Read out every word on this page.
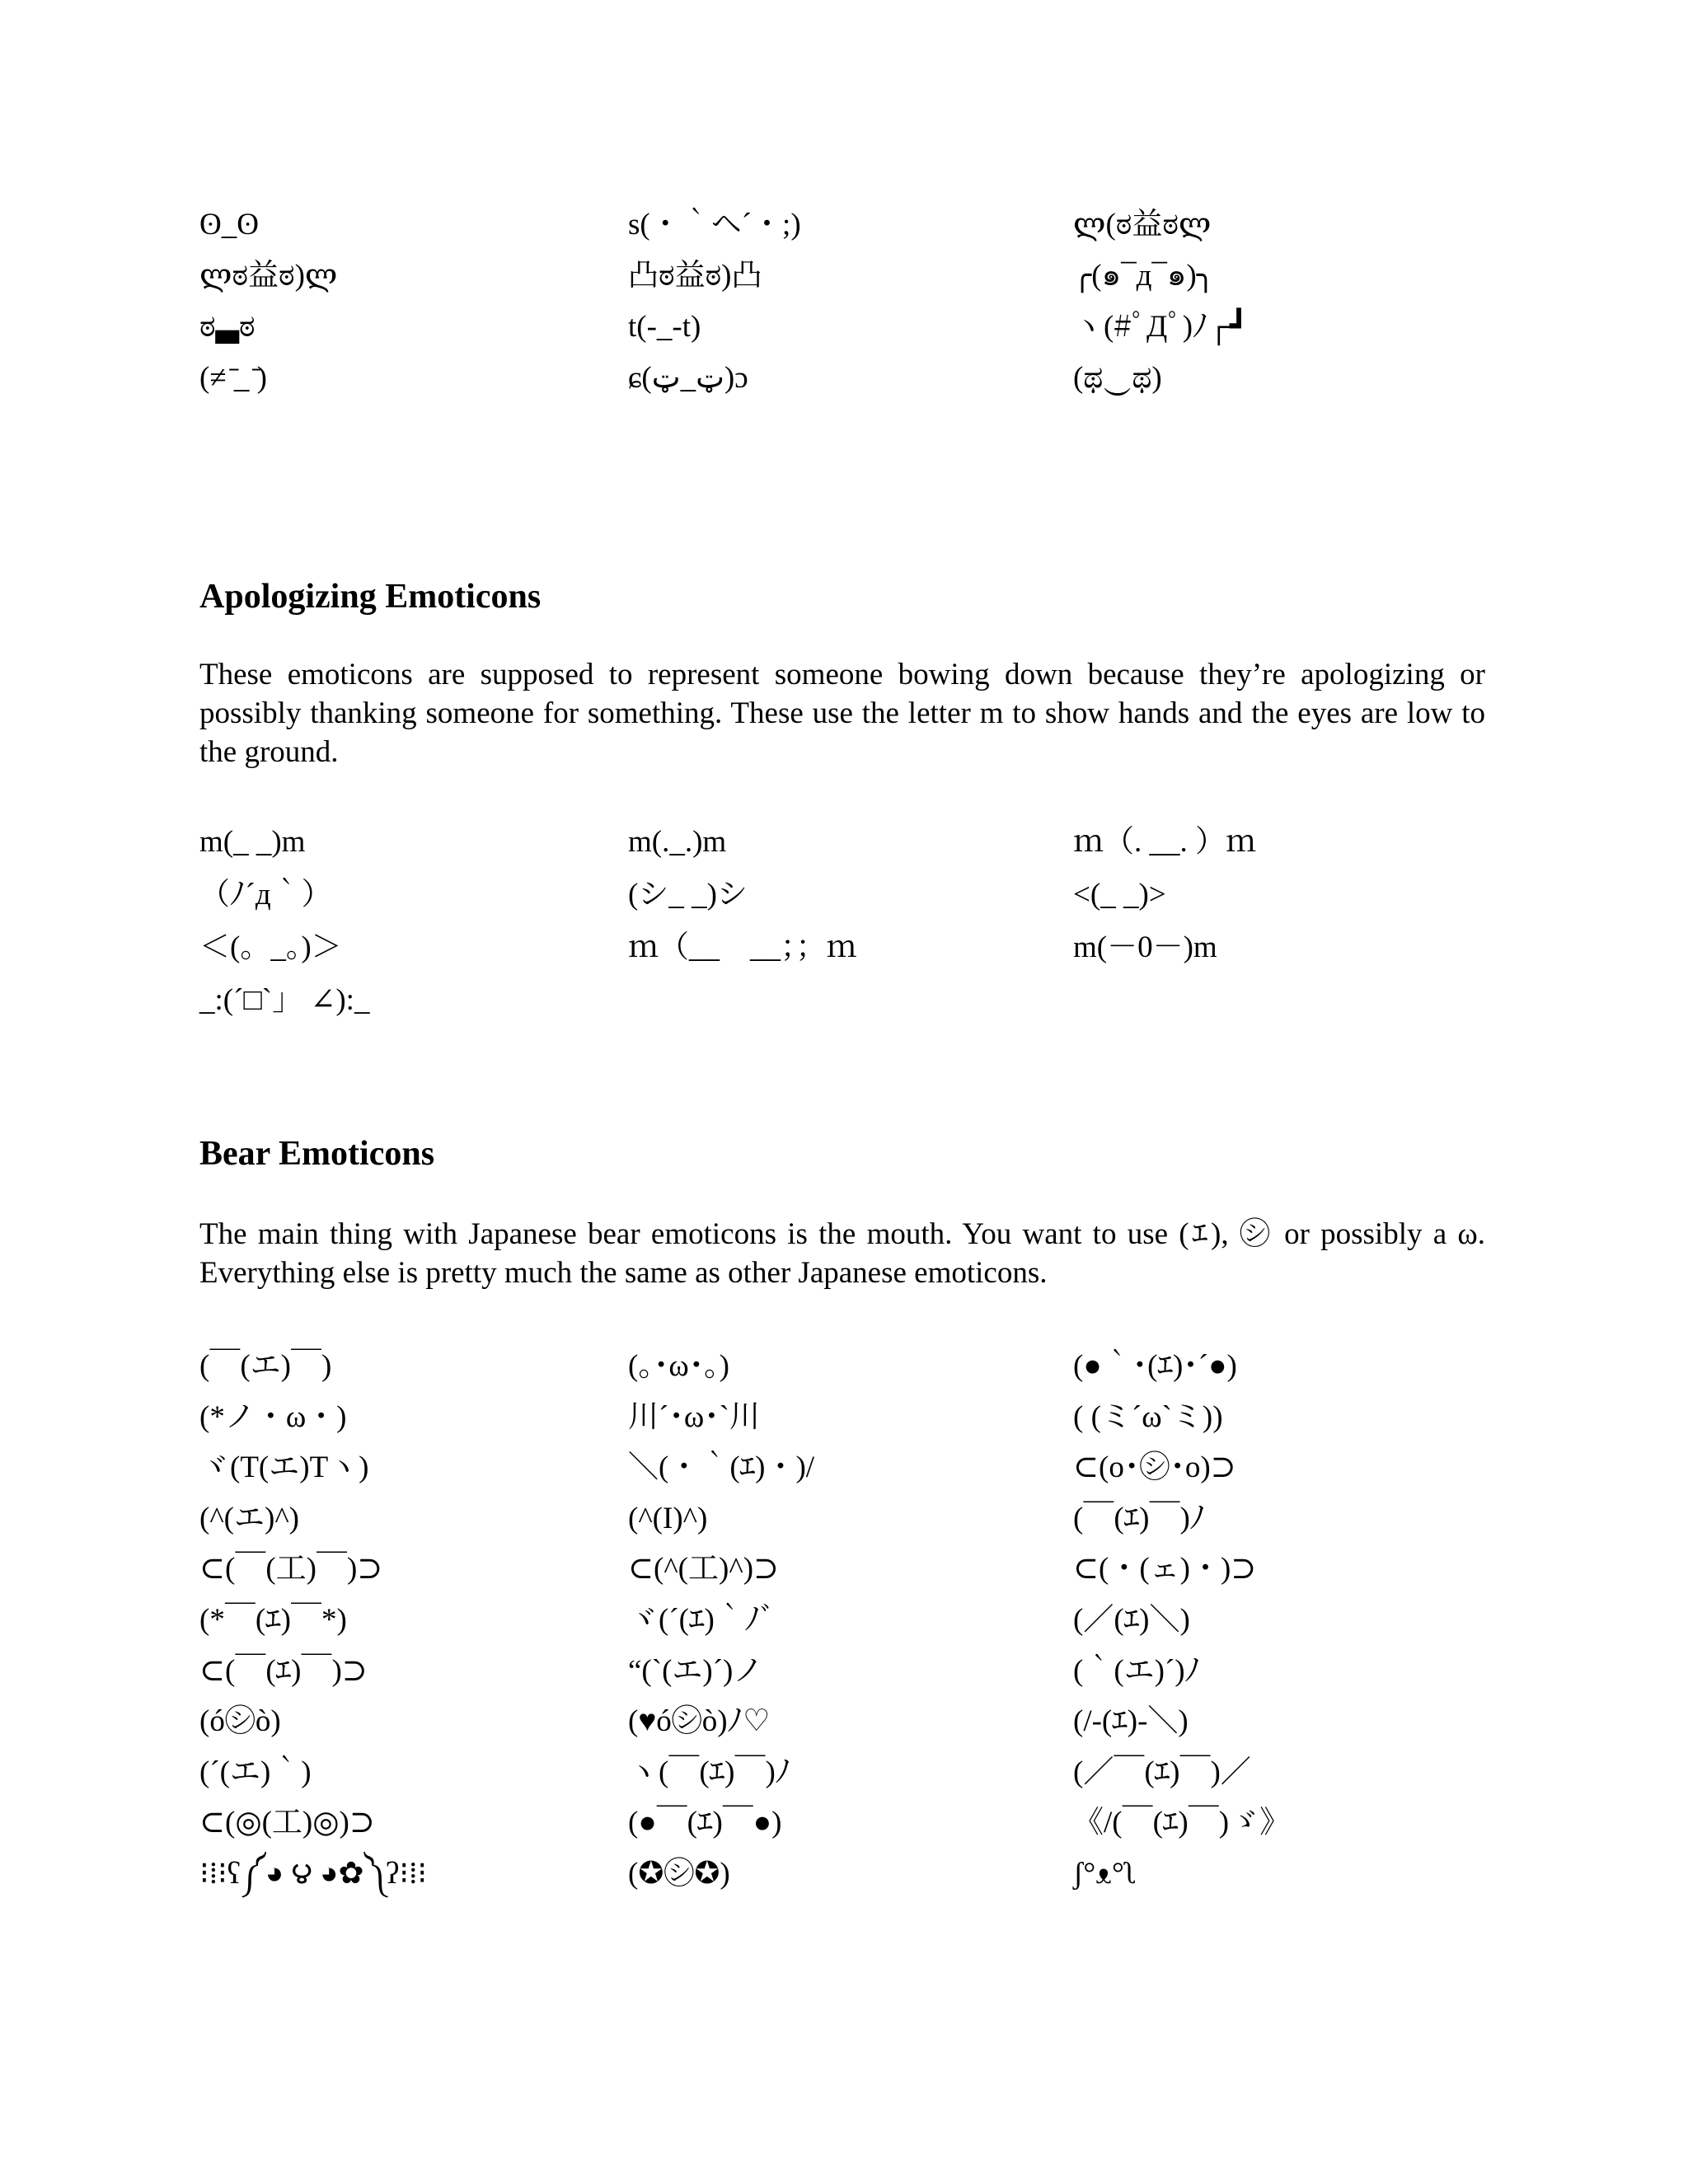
ʘ_ʘ	s(・｀ヘ´・;)	ლ(ಠ益ಠლ
ლಠ益ಠ)ლ	凸ಠ益ಠ)凸	╭(๑¯д¯๑)╮
ಠ▃ಠ	t(-_-t)	ヽ(#ﾟДﾟ)ﾉ┌┛
(≠ ̄_ ̄)	ɕ(ټ_ټ)ɔ	(ಥ‿ಥ)
Apologizing Emoticons
These emoticons are supposed to represent someone bowing down because they’re apologizing or possibly thanking someone for something. These use the letter m to show hands and the eyes are low to the ground.
m(_ _)m	m(._.)m	ｍ（. __. ）ｍ
（ﾉ´д｀）	(シ_ _)シ	<(_ _)>
＜(。_。)＞	ｍ（__　__；；ｍ	m(－0－)m
_:(´□`」 ∠):_
Bear Emoticons
The main thing with Japanese bear emoticons is the mouth. You want to use (ｴ), ㋛ or possibly a ω. Everything else is pretty much the same as other Japanese emoticons.
(￣(エ)￣)	(｡･ω･｡)	(●｀･(ｴ)･´●)
(*ノ・ω・)	川´･ω･`川	( (ミ´ω`ミ))
ヾ(T(エ)Tヽ)	＼(・｀(ｴ)・)/	⊂(o･㋛･o)⊃
(^(エ)^)	(^(I)^)	(￣(ｴ)￣)ﾉ
⊂(￣(工)￣)⊃	⊂(^(工)^)⊃	⊂(・(ェ)・)⊃
(*￣(ｴ)￣*)	ヾ(´(ｴ)｀ﾉﾞ	(／(ｴ)＼)
⊂(￣(ｴ)￣)⊃	“(`(エ)´)ノ	(｀(エ)´)ﾉ
(ó㋛ò)	(♥ó㋛ò)ﾉ♡	(/-(ｴ)-＼)
(´(エ)｀)	ヽ(￣(ｴ)￣)ﾉ	(／￣(ｴ)￣)／
⊂(◎(工)◎)⊃	(●￣(ｴ)￣●)	《/(￣(ｴ)￣)ゞ》
⁝⁞⁝ʕ༼◕ ౪ ◕✿༽ʔ⁝⁞⁝	(✪㋛✪)	ʃ°ᴥ°ʅ
